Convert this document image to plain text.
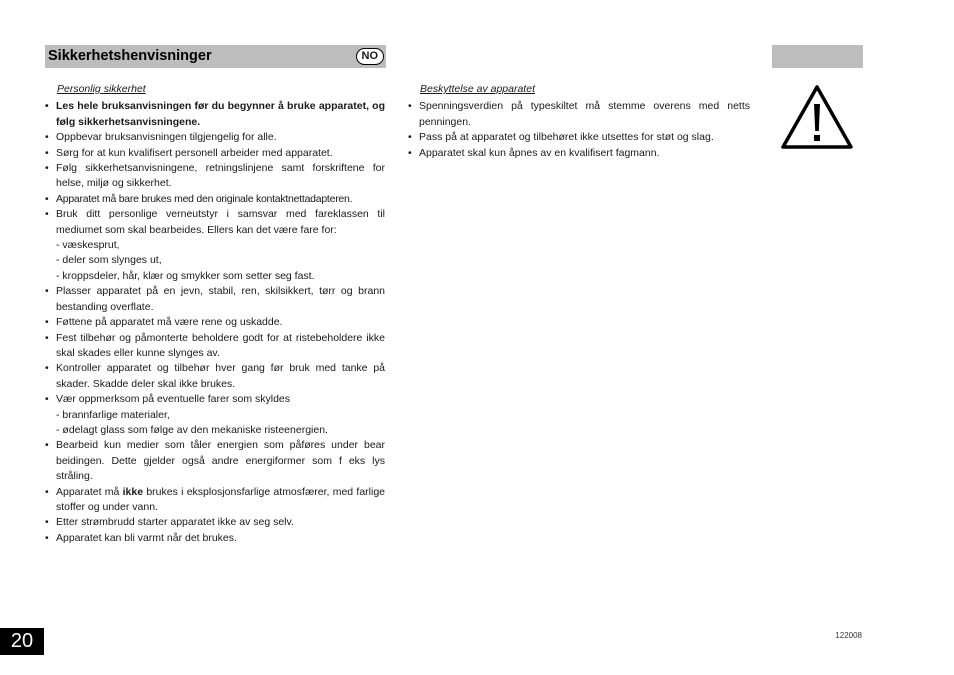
Sikkerhetshenvisninger	NO
Personlig sikkerhet
• Les hele bruksanvisningen før du begynner å bruke apparatet, og følg sikkerhetsanvisningene.
• Oppbevar bruksanvisningen tilgjengelig for alle.
• Sørg for at kun kvalifisert personell arbeider med apparatet.
• Følg sikkerhetsanvisningene, retningslinjene samt forskriftene for helse, miljø og sikkerhet.
• Apparatet må bare brukes med den originale kontaktnettadapteren.
• Bruk ditt personlige verneutstyr i samsvar med fareklassen til mediumet som skal bearbeides. Ellers kan det være fare for:
- væskesprut,
- deler som slynges ut,
- kroppsdeler, hår, klær og smykker som setter seg fast.
• Plasser apparatet på en jevn, stabil, ren, skilsikkert, tørr og brann bestanding overflate.
• Føttene på apparatet må være rene og uskadde.
• Fest tilbehør og påmonterte beholdere godt for at ristebeholdere ikke skal skades eller kunne slynges av.
• Kontroller apparatet og tilbehør hver gang før bruk med tanke på skader. Skadde deler skal ikke brukes.
• Vær oppmerksom på eventuelle farer som skyldes
- brannfarlige materialer,
- ødelagt glass som følge av den mekaniske risteenergien.
• Bearbeid kun medier som tåler energien som påføres under bear beidingen. Dette gjelder også andre energiformer som f eks lys stråling.
• Apparatet må ikke brukes i eksplosjonsfarlige atmosfærer, med farlige stoffer og under vann.
• Etter strømbrudd starter apparatet ikke av seg selv.
• Apparatet kan bli varmt når det brukes.
Beskyttelse av apparatet
• Spenningsverdien på typeskiltet må stemme overens med netts penningen.
• Pass på at apparatet og tilbehøret ikke utsettes for støt og slag.
• Apparatet skal kun åpnes av en kvalifisert fagmann.
20	122008
